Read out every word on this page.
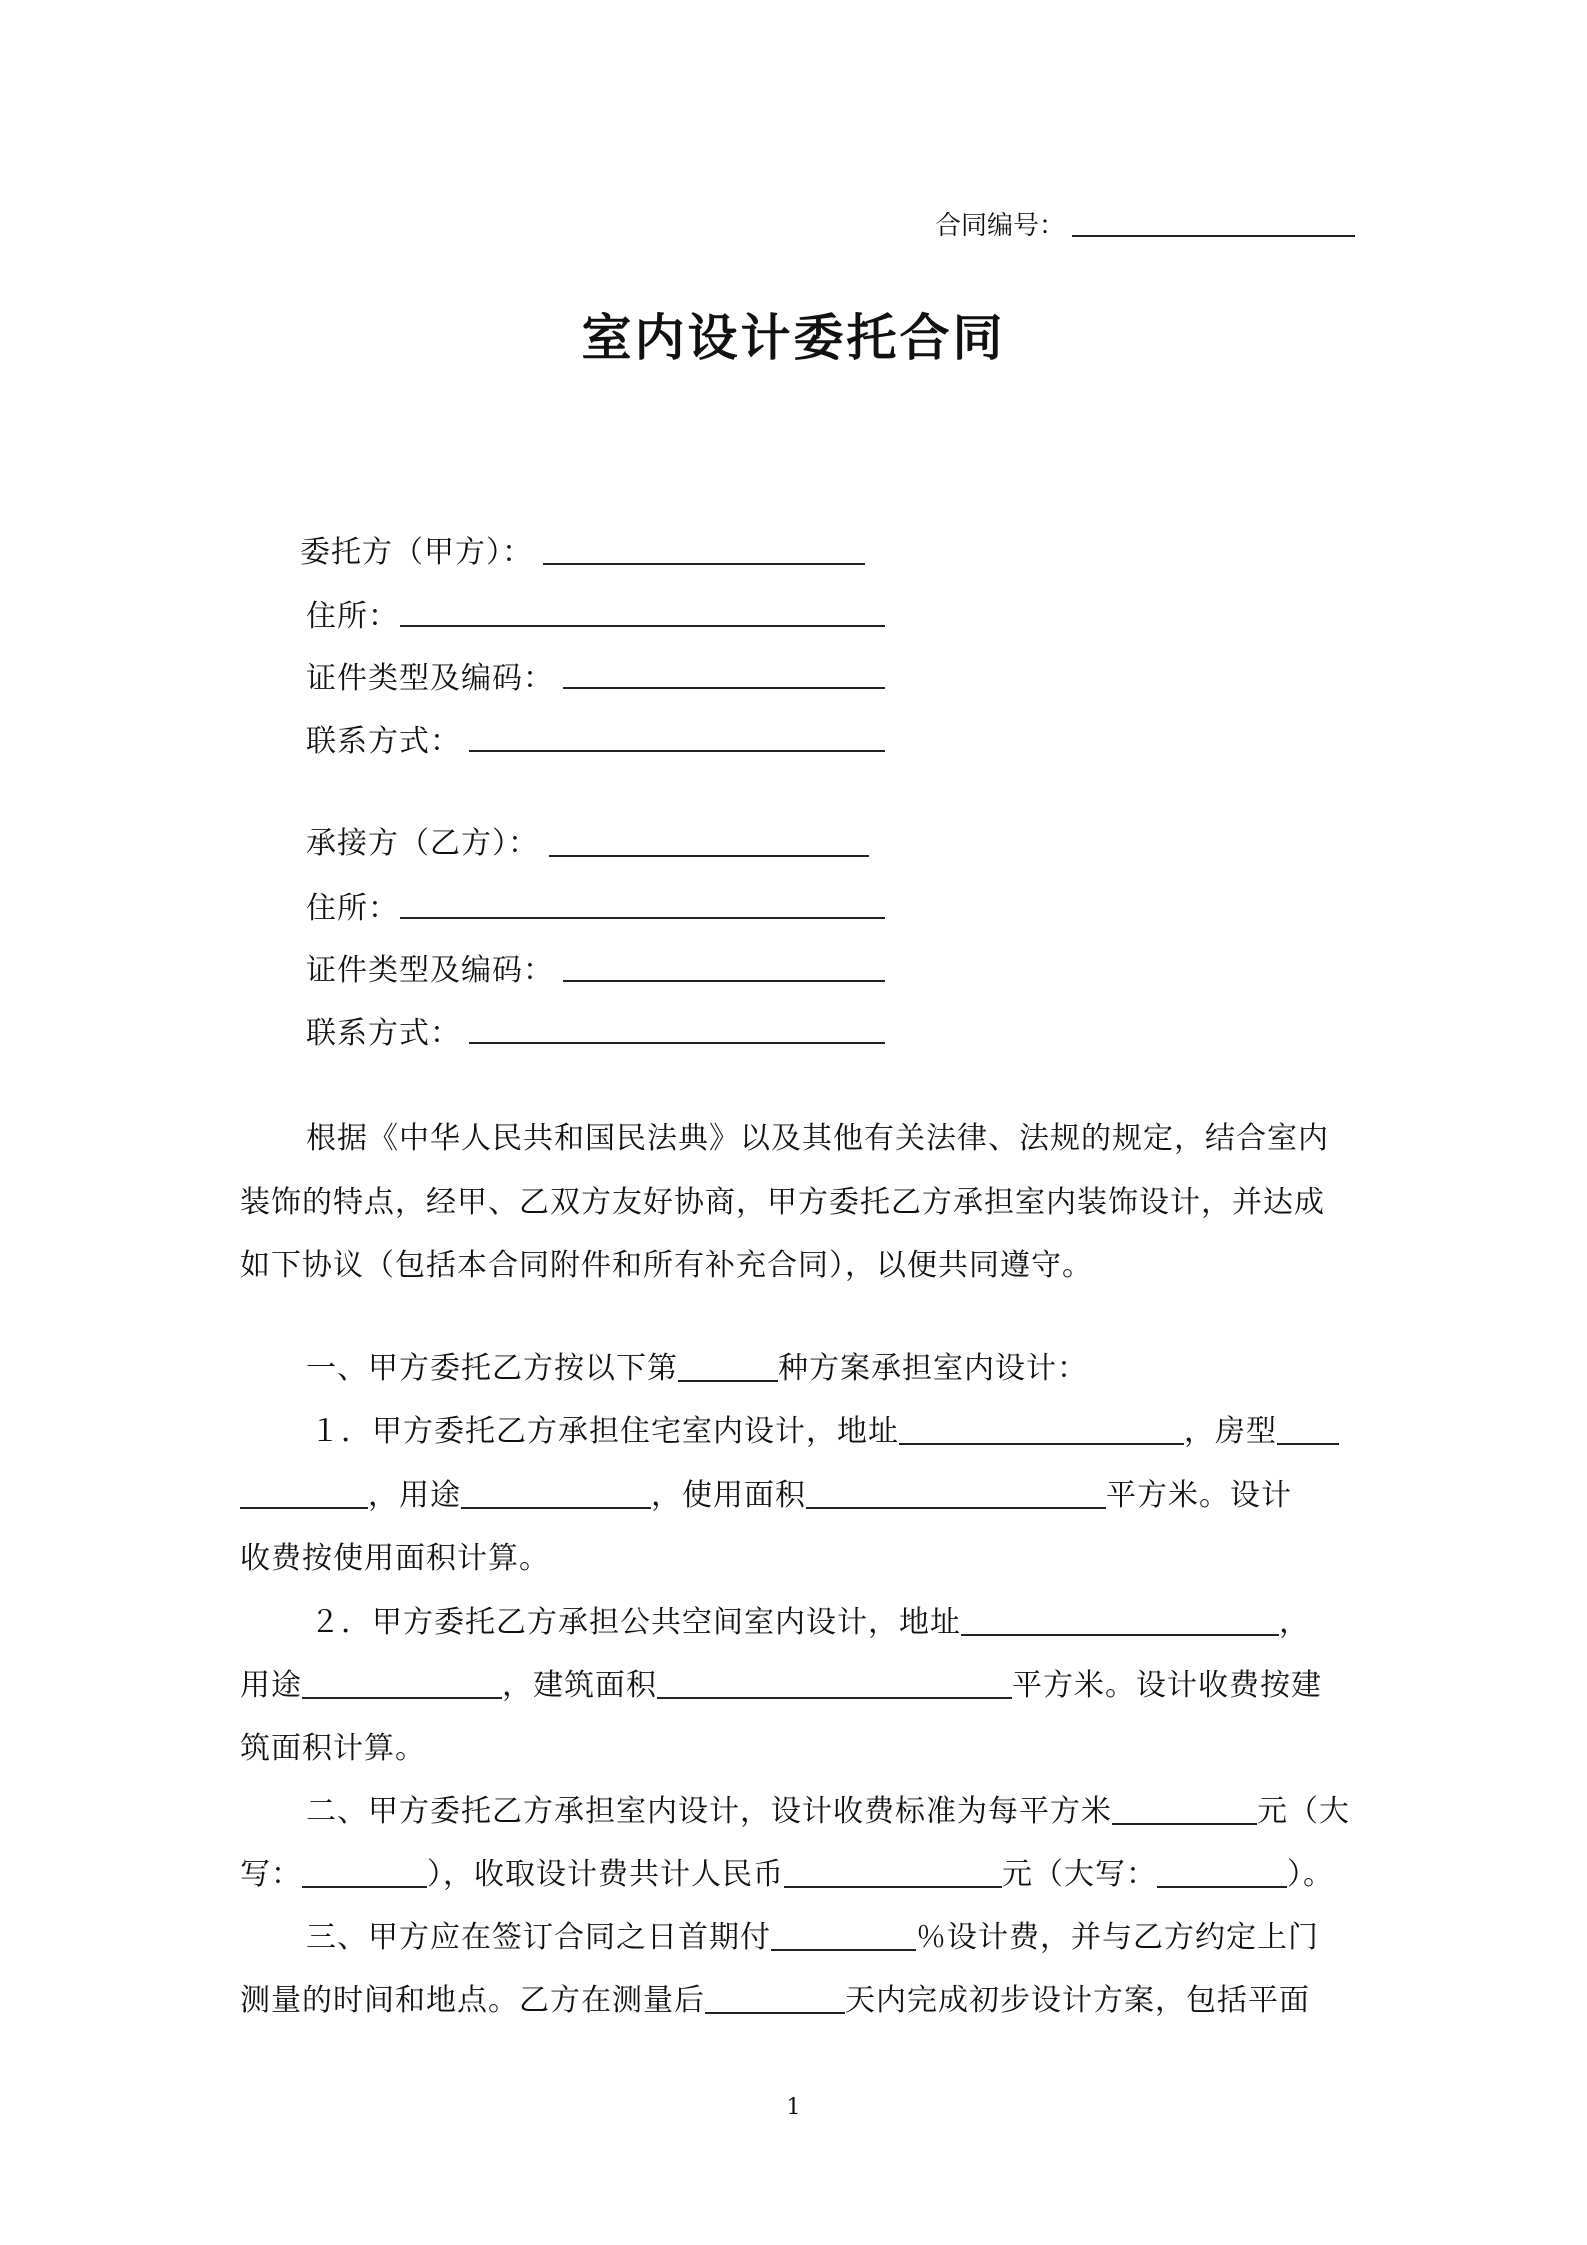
合同编号：
室内设计委托合同
委托方（甲方）：
住所：
证件类型及编码：
联系方式：
承接方（乙方）：
住所：
证件类型及编码：
联系方式：
根据《中华人民共和国民法典》以及其他有关法律、法规的规定，结合室内
装饰的特点，经甲、乙双方友好协商，甲方委托乙方承担室内装饰设计，并达成
如下协议（包括本合同附件和所有补充合同），以便共同遵守。
一、甲方委托乙方按以下第	种方案承担室内设计：
１．甲方委托乙方承担住宅室内设计，地址	，房型
，用途	，使用面积	平方米。设计
收费按使用面积计算。
２．甲方委托乙方承担公共空间室内设计，地址	，
用途	，建筑面积	平方米。设计收费按建
筑面积计算。
二、甲方委托乙方承担室内设计，设计收费标准为每平方米	元（大
写：	），收取设计费共计人民币	元（大写：	）。
三、甲方应在签订合同之日首期付	％设计费，并与乙方约定上门
测量的时间和地点。乙方在测量后	天内完成初步设计方案，包括平面
1
